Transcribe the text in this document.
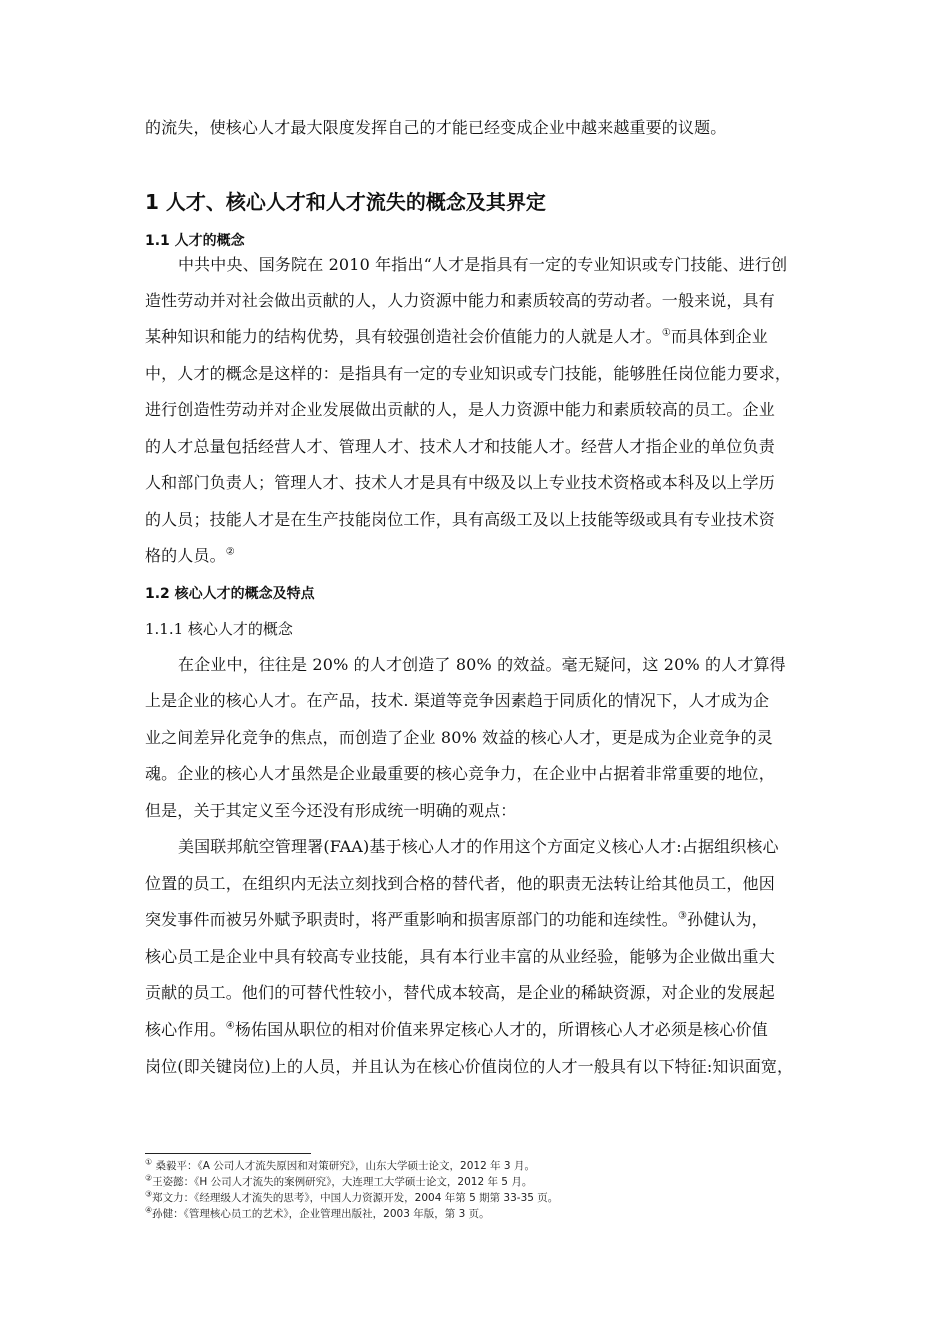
的流失，使核心人才最大限度发挥自己的才能已经变成企业中越来越重要的议题。
1 人才、核心人才和人才流失的概念及其界定
1.1 人才的概念
中共中央、国务院在 2010 年指出“人才是指具有一定的专业知识或专门技能、进行创
造性劳动并对社会做出贡献的人，人力资源中能力和素质较高的劳动者。一般来说，具有
某种知识和能力的结构优势，具有较强创造社会价值能力的人就是人才。①而具体到企业
中，人才的概念是这样的：是指具有一定的专业知识或专门技能，能够胜任岗位能力要求，
进行创造性劳动并对企业发展做出贡献的人，是人力资源中能力和素质较高的员工。企业
的人才总量包括经营人才、管理人才、技术人才和技能人才。经营人才指企业的单位负责
人和部门负责人；管理人才、技术人才是具有中级及以上专业技术资格或本科及以上学历
的人员；技能人才是在生产技能岗位工作，具有高级工及以上技能等级或具有专业技术资
格的人员。②
1.2 核心人才的概念及特点
1.1.1 核心人才的概念
在企业中，往往是 20% 的人才创造了 80% 的效益。毫无疑问，这 20% 的人才算得
上是企业的核心人才。在产品，技术. 渠道等竞争因素趋于同质化的情况下，人才成为企
业之间差异化竞争的焦点，而创造了企业 80% 效益的核心人才，更是成为企业竞争的灵
魂。企业的核心人才虽然是企业最重要的核心竞争力，在企业中占据着非常重要的地位，
但是，关于其定义至今还没有形成统一明确的观点：
美国联邦航空管理署(FAA)基于核心人才的作用这个方面定义核心人才:占据组织核心
位置的员工，在组织内无法立刻找到合格的替代者，他的职责无法转让给其他员工，他因
突发事件而被另外赋予职责时，将严重影响和损害原部门的功能和连续性。③孙健认为，
核心员工是企业中具有较高专业技能，具有本行业丰富的从业经验，能够为企业做出重大
贡献的员工。他们的可替代性较小，替代成本较高，是企业的稀缺资源，对企业的发展起
核心作用。④杨佑国从职位的相对价值来界定核心人才的，所谓核心人才必须是核心价值
岗位(即关键岗位)上的人员，并且认为在核心价值岗位的人才一般具有以下特征:知识面宽，
① 桑毅平：《A 公司人才流失原因和对策研究》，山东大学硕士论文，2012 年 3 月。
②王姿懿：《H 公司人才流失的案例研究》，大连理工大学硕士论文，2012 年 5 月。
③郑文力：《经理级人才流失的思考》，中国人力资源开发，2004 年第 5 期第 33-35 页。
④孙健：《管理核心员工的艺术》，企业管理出版社，2003 年版，第 3 页。
